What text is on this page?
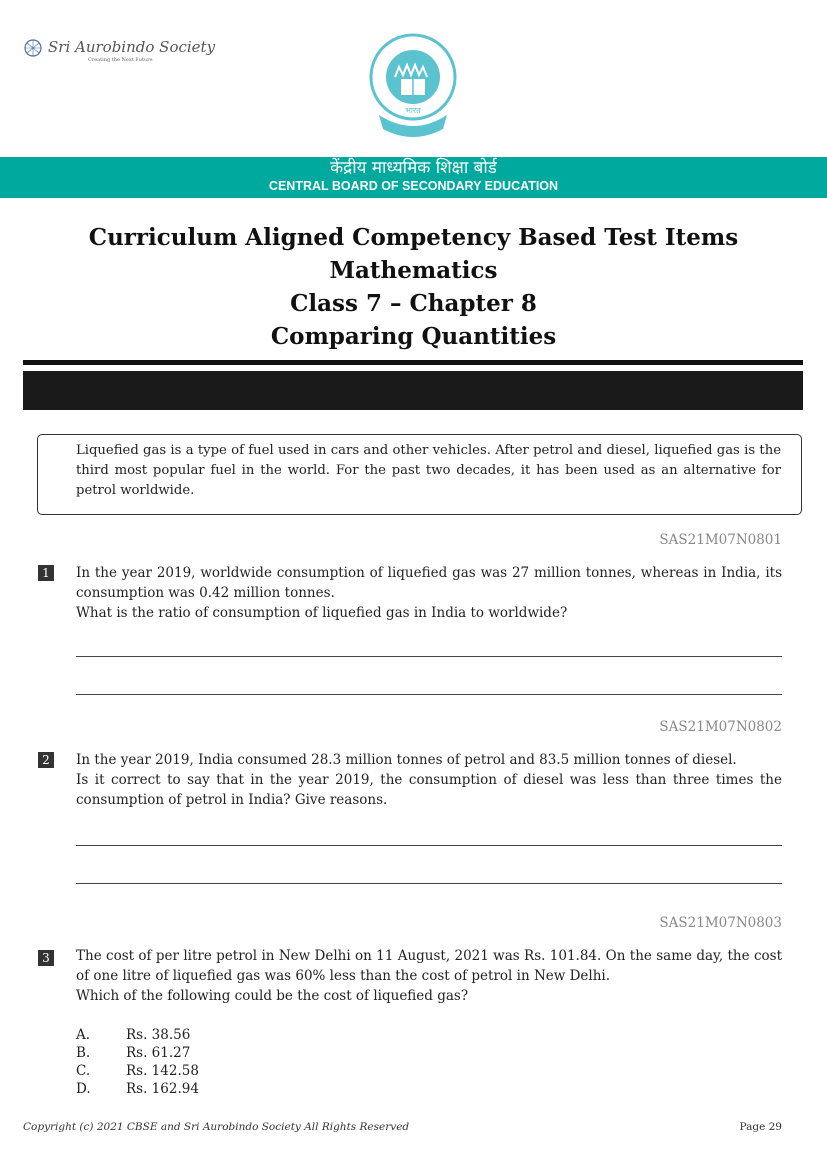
Sri Aurobindo Society
Creating the Next Future
भारत
केंद्रीय माध्यमिक शिक्षा बोर्ड
CENTRAL BOARD OF SECONDARY EDUCATION
Curriculum Aligned Competency Based Test Items
Mathematics
Class 7 – Chapter 8
Comparing Quantities
Liquefied gas is a type of fuel used in cars and other vehicles. After petrol and diesel, liquefied gas is the third most popular fuel in the world. For the past two decades, it has been used as an alternative for petrol worldwide.
SAS21M07N0801
1	In the year 2019, worldwide consumption of liquefied gas was 27 million tonnes, whereas in India, its consumption was 0.42 million tonnes.
What is the ratio of consumption of liquefied gas in India to worldwide?
SAS21M07N0802
2	In the year 2019, India consumed 28.3 million tonnes of petrol and 83.5 million tonnes of diesel.
Is it correct to say that in the year 2019, the consumption of diesel was less than three times the consumption of petrol in India? Give reasons.
SAS21M07N0803
3	The cost of per litre petrol in New Delhi on 11 August, 2021 was Rs. 101.84. On the same day, the cost of one litre of liquefied gas was 60% less than the cost of petrol in New Delhi.
Which of the following could be the cost of liquefied gas?
A.	Rs. 38.56
B.	Rs. 61.27
C.	Rs. 142.58
D.	Rs. 162.94
Copyright (c) 2021 CBSE and Sri Aurobindo Society All Rights Reserved	Page 29
